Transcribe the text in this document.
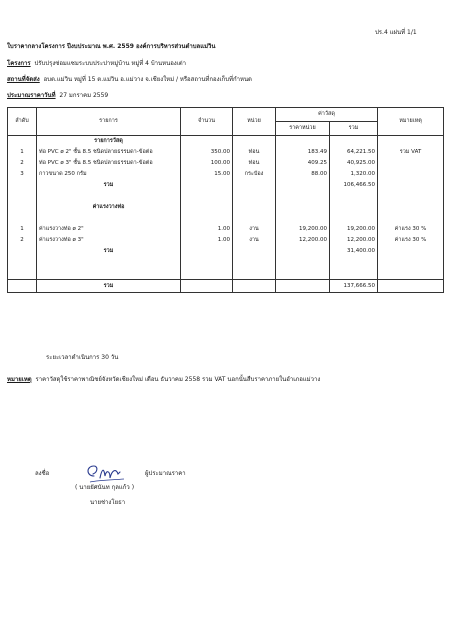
ปร.4 แผ่นที่ 1/1
ใบราคากลางโครงการ ปีงบประมาณ พ.ศ. 2559 องค์การบริหารส่วนตำบลแม่วิน
โครงการ ปรับปรุงซ่อมแซมระบบประปาหมู่บ้าน หมู่ที่ 4 บ้านหนองเต่า
สถานที่จัดส่ง อบต.แม่วิน หมู่ที่ 15 ต.แม่วิน อ.แม่วาง จ.เชียงใหม่ / หรือสถานที่กองเก็บที่กำหนด
ประมาณราคาวันที่ 27 มกราคม 2559
ลำดับ	รายการ	จำนวน	หน่วย	ค่าวัสดุ		หมายเหตุ
				ราคาหน่วย	รวม	
	รายการวัสดุ					
1	ท่อ PVC ø 2" ชั้น 8.5 ชนิดปลายธรรมดา-ข้อต่อ	350.00	ท่อน	183.49	64,221.50	รวม VAT
2	ท่อ PVC ø 3" ชั้น 8.5 ชนิดปลายธรรมดา-ข้อต่อ	100.00	ท่อน	409.25	40,925.00	
3	กาวขนาด 250 กรัม	15.00	กระป๋อง	88.00	1,320.00	
	รวม				106,466.50	

	ค่าแรงวางท่อ					

1	ค่าแรงวางท่อ ø 2"	1.00	งาน	19,200.00	19,200.00	ค่าแรง 30 %
2	ค่าแรงวางท่อ ø 3"	1.00	งาน	12,200.00	12,200.00	ค่าแรง 30 %
	รวม				31,400.00	

	รวม				137,666.50	
ระยะเวลาดำเนินการ 30 วัน
หมายเหตุ ราคาวัสดุใช้ราคาพาณิชย์จังหวัดเชียงใหม่ เดือน ธันวาคม 2558 รวม VAT นอกนั้นสืบราคาภายในอำเภอแม่วาง
ลงชื่อ	ผู้ประมาณราคา
( นายยัศนันท กุลแก้ว )
นายช่างโยธา
